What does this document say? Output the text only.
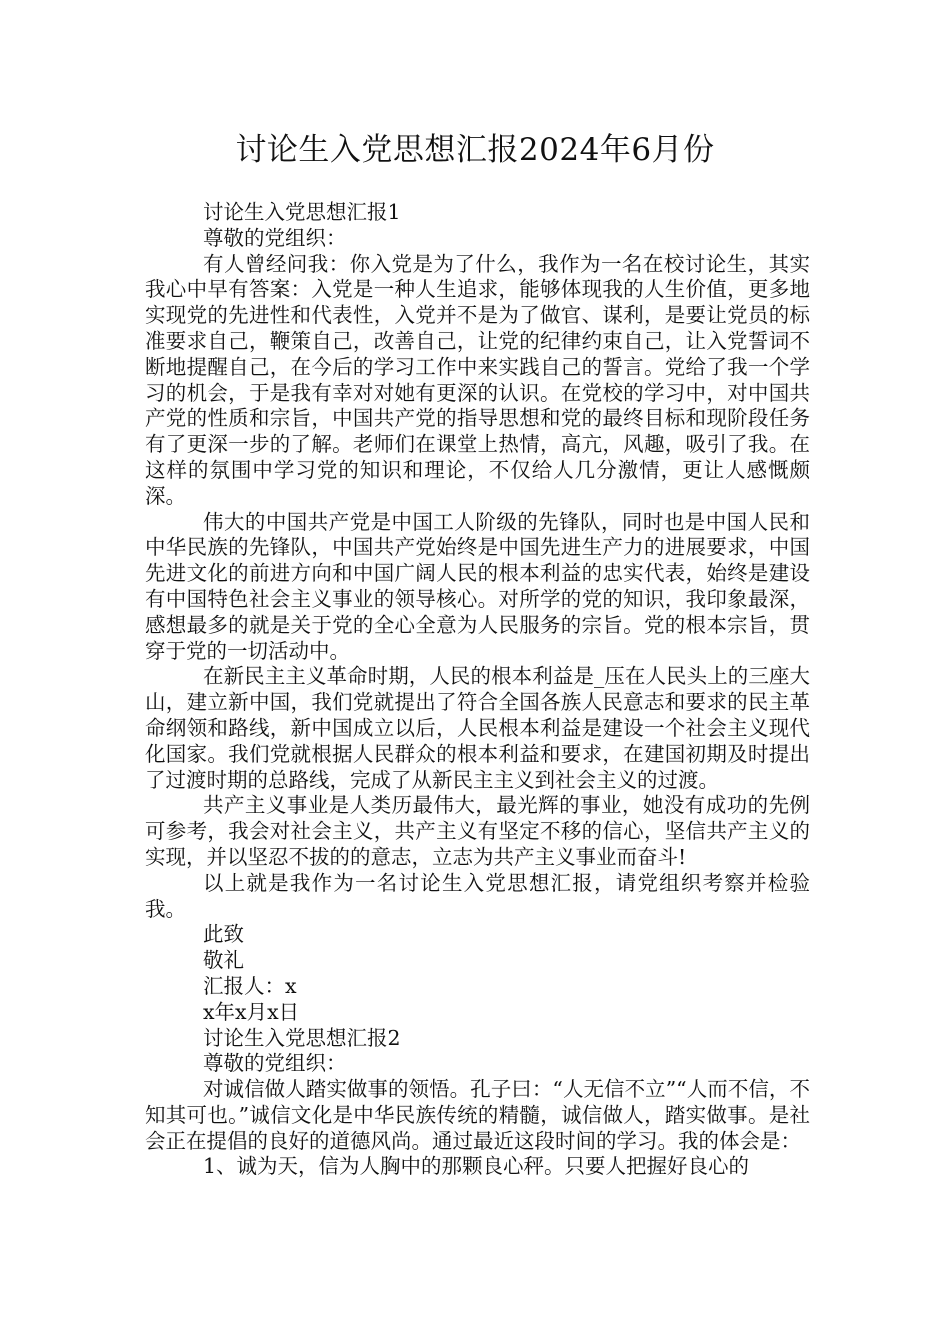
讨论生入党思想汇报2024年6月份

讨论生入党思想汇报1

尊敬的党组织：

有人曾经问我：你入党是为了什么，我作为一名在校讨论生，其实我心中早有答案：入党是一种人生追求，能够体现我的人生价值，更多地实现党的先进性和代表性，入党并不是为了做官、谋利，是要让党员的标准要求自己，鞭策自己，改善自己，让党的纪律约束自己，让入党誓词不断地提醒自己，在今后的学习工作中来实践自己的誓言。党给了我一个学习的机会，于是我有幸对对她有更深的认识。在党校的学习中，对中国共产党的性质和宗旨，中国共产党的指导思想和党的最终目标和现阶段任务有了更深一步的了解。老师们在课堂上热情，高亢，风趣，吸引了我。在这样的氛围中学习党的知识和理论，不仅给人几分激情，更让人感慨颇深。

伟大的中国共产党是中国工人阶级的先锋队，同时也是中国人民和中华民族的先锋队，中国共产党始终是中国先进生产力的进展要求，中国先进文化的前进方向和中国广阔人民的根本利益的忠实代表，始终是建设有中国特色社会主义事业的领导核心。对所学的党的知识，我印象最深，感想最多的就是关于党的全心全意为人民服务的宗旨。党的根本宗旨，贯穿于党的一切活动中。

在新民主主义革命时期，人民的根本利益是_压在人民头上的三座大山，建立新中国，我们党就提出了符合全国各族人民意志和要求的民主革命纲领和路线，新中国成立以后，人民根本利益是建设一个社会主义现代化国家。我们党就根据人民群众的根本利益和要求，在建国初期及时提出了过渡时期的总路线，完成了从新民主主义到社会主义的过渡。

共产主义事业是人类历最伟大，最光辉的事业，她没有成功的先例可参考，我会对社会主义，共产主义有坚定不移的信心，坚信共产主义的实现，并以坚忍不拔的的意志，立志为共产主义事业而奋斗!

以上就是我作为一名讨论生入党思想汇报，请党组织考察并检验我。

此致

敬礼

汇报人：x

x年x月x日

讨论生入党思想汇报2

尊敬的党组织：

对诚信做人踏实做事的领悟。孔子曰：“人无信不立”“人而不信，不知其可也。”诚信文化是中华民族传统的精髓，诚信做人，踏实做事。是社会正在提倡的良好的道德风尚。通过最近这段时间的学习。我的体会是：

1、诚为天，信为人胸中的那颗良心秤。只要人把握好良心的
